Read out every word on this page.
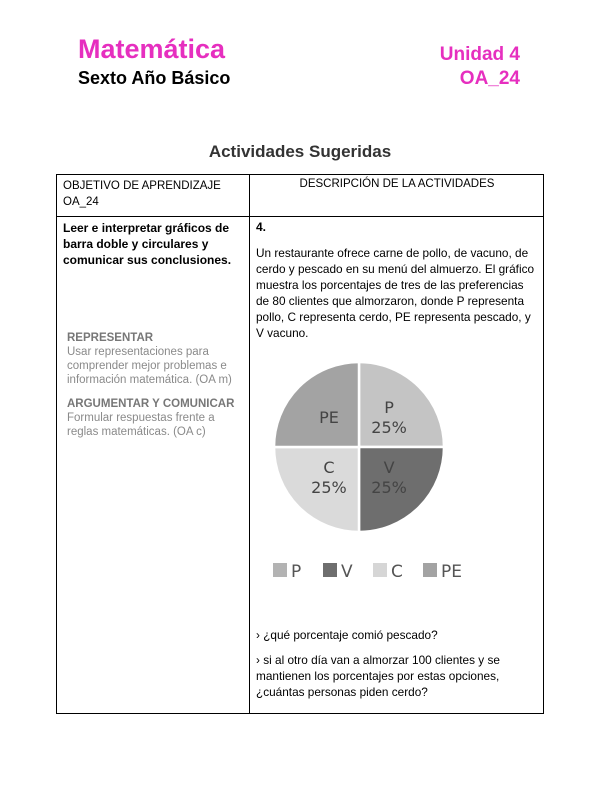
Matemática
Sexto Año Básico
Unidad 4
OA_24
Actividades Sugeridas
OBJETIVO DE APRENDIZAJE OA_24
DESCRIPCIÓN DE LA ACTIVIDADES
Leer e interpretar gráficos de barra doble y circulares y comunicar sus conclusiones.
REPRESENTAR
Usar representaciones para comprender mejor problemas e información matemática. (OA m)
ARGUMENTAR Y COMUNICAR
Formular respuestas frente a reglas matemáticas. (OA c)
4.
Un restaurante ofrece carne de pollo, de vacuno, de cerdo y pescado en su menú del almuerzo. El gráfico muestra los porcentajes de tres de las preferencias de 80 clientes que almorzaron, donde P representa pollo, C representa cerdo, PE representa pescado, y V vacuno.
› ¿qué porcentaje comió pescado?
› si al otro día van a almorzar 100 clientes y se mantienen los porcentajes por estas opciones, ¿cuántas personas piden cerdo?
P
25%
V
25%
C
25%
PE
P V C PE
